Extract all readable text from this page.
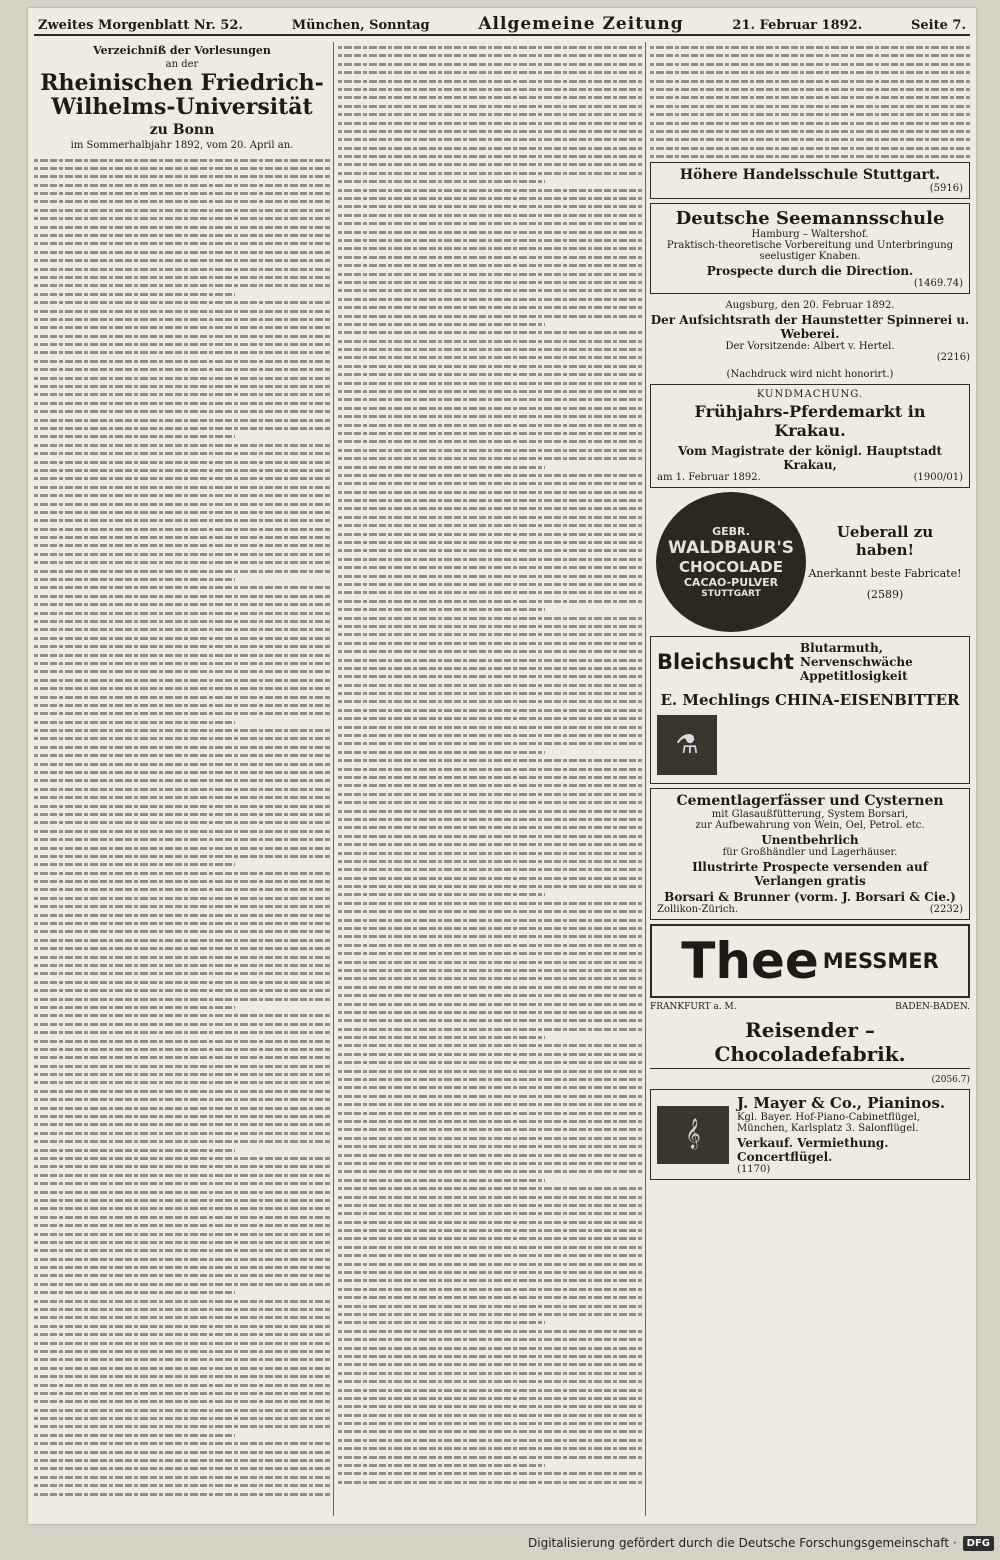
Zweites Morgenblatt Nr. 52.	München, Sonntag	Allgemeine Zeitung	21. Februar 1892.	Seite 7.
Verzeichniß der Vorlesungen
an der
Rheinischen Friedrich-Wilhelms-Universität
zu Bonn
im Sommerhalbjahr 1892, vom 20. April an.
Höhere Handelsschule Stuttgart.
(5916)
Deutsche Seemannsschule
Hamburg – Waltershof.
Praktisch-theoretische Vorbereitung und Unterbringung seelustiger Knaben.
Prospecte durch die Direction.
(1469.74)
Augsburg, den 20. Februar 1892.
Der Aufsichtsrath der Haunstetter Spinnerei u. Weberei.
Der Vorsitzende: Albert v. Hertel.
(2216)
(Nachdruck wird nicht honorirt.)
KUNDMACHUNG.
Frühjahrs-Pferdemarkt in Krakau.

Vom Magistrate der königl. Hauptstadt Krakau,
am 1. Februar 1892.	(1900/01)
GEBR.
WALDBAUR'S
CHOCOLADE
CACAO-PULVER
STUTTGART
Ueberall zu haben!
Anerkannt beste Fabricate!
(2589)
Bleichsucht
Blutarmuth, Nervenschwäche
Appetitlosigkeit
E. Mechlings CHINA-EISENBITTER
⚗
Cementlagerfässer und Cysternen
mit Glasaußfütterung, System Borsari,
zur Aufbewahrung von Wein, Oel, Petrol. etc.
Unentbehrlich
für Großhändler und Lagerhäuser.
Illustrirte Prospecte versenden auf Verlangen gratis
Borsari & Brunner (vorm. J. Borsari & Cie.)
Zollikon-Zürich.	(2232)
Thee MESSMER
FRANKFURT a. M.	BADEN-BADEN.
Reisender – Chocoladefabrik.
(2056.7)
𝄞
J. Mayer & Co., Pianinos.
Kgl. Bayer. Hof-Piano-Cabinetflügel,
München, Karlsplatz 3. Salonflügel.
Verkauf. Vermiethung. Concertflügel.
(1170)
Digitalisierung gefördert durch die Deutsche Forschungsgemeinschaft ·	DFG
